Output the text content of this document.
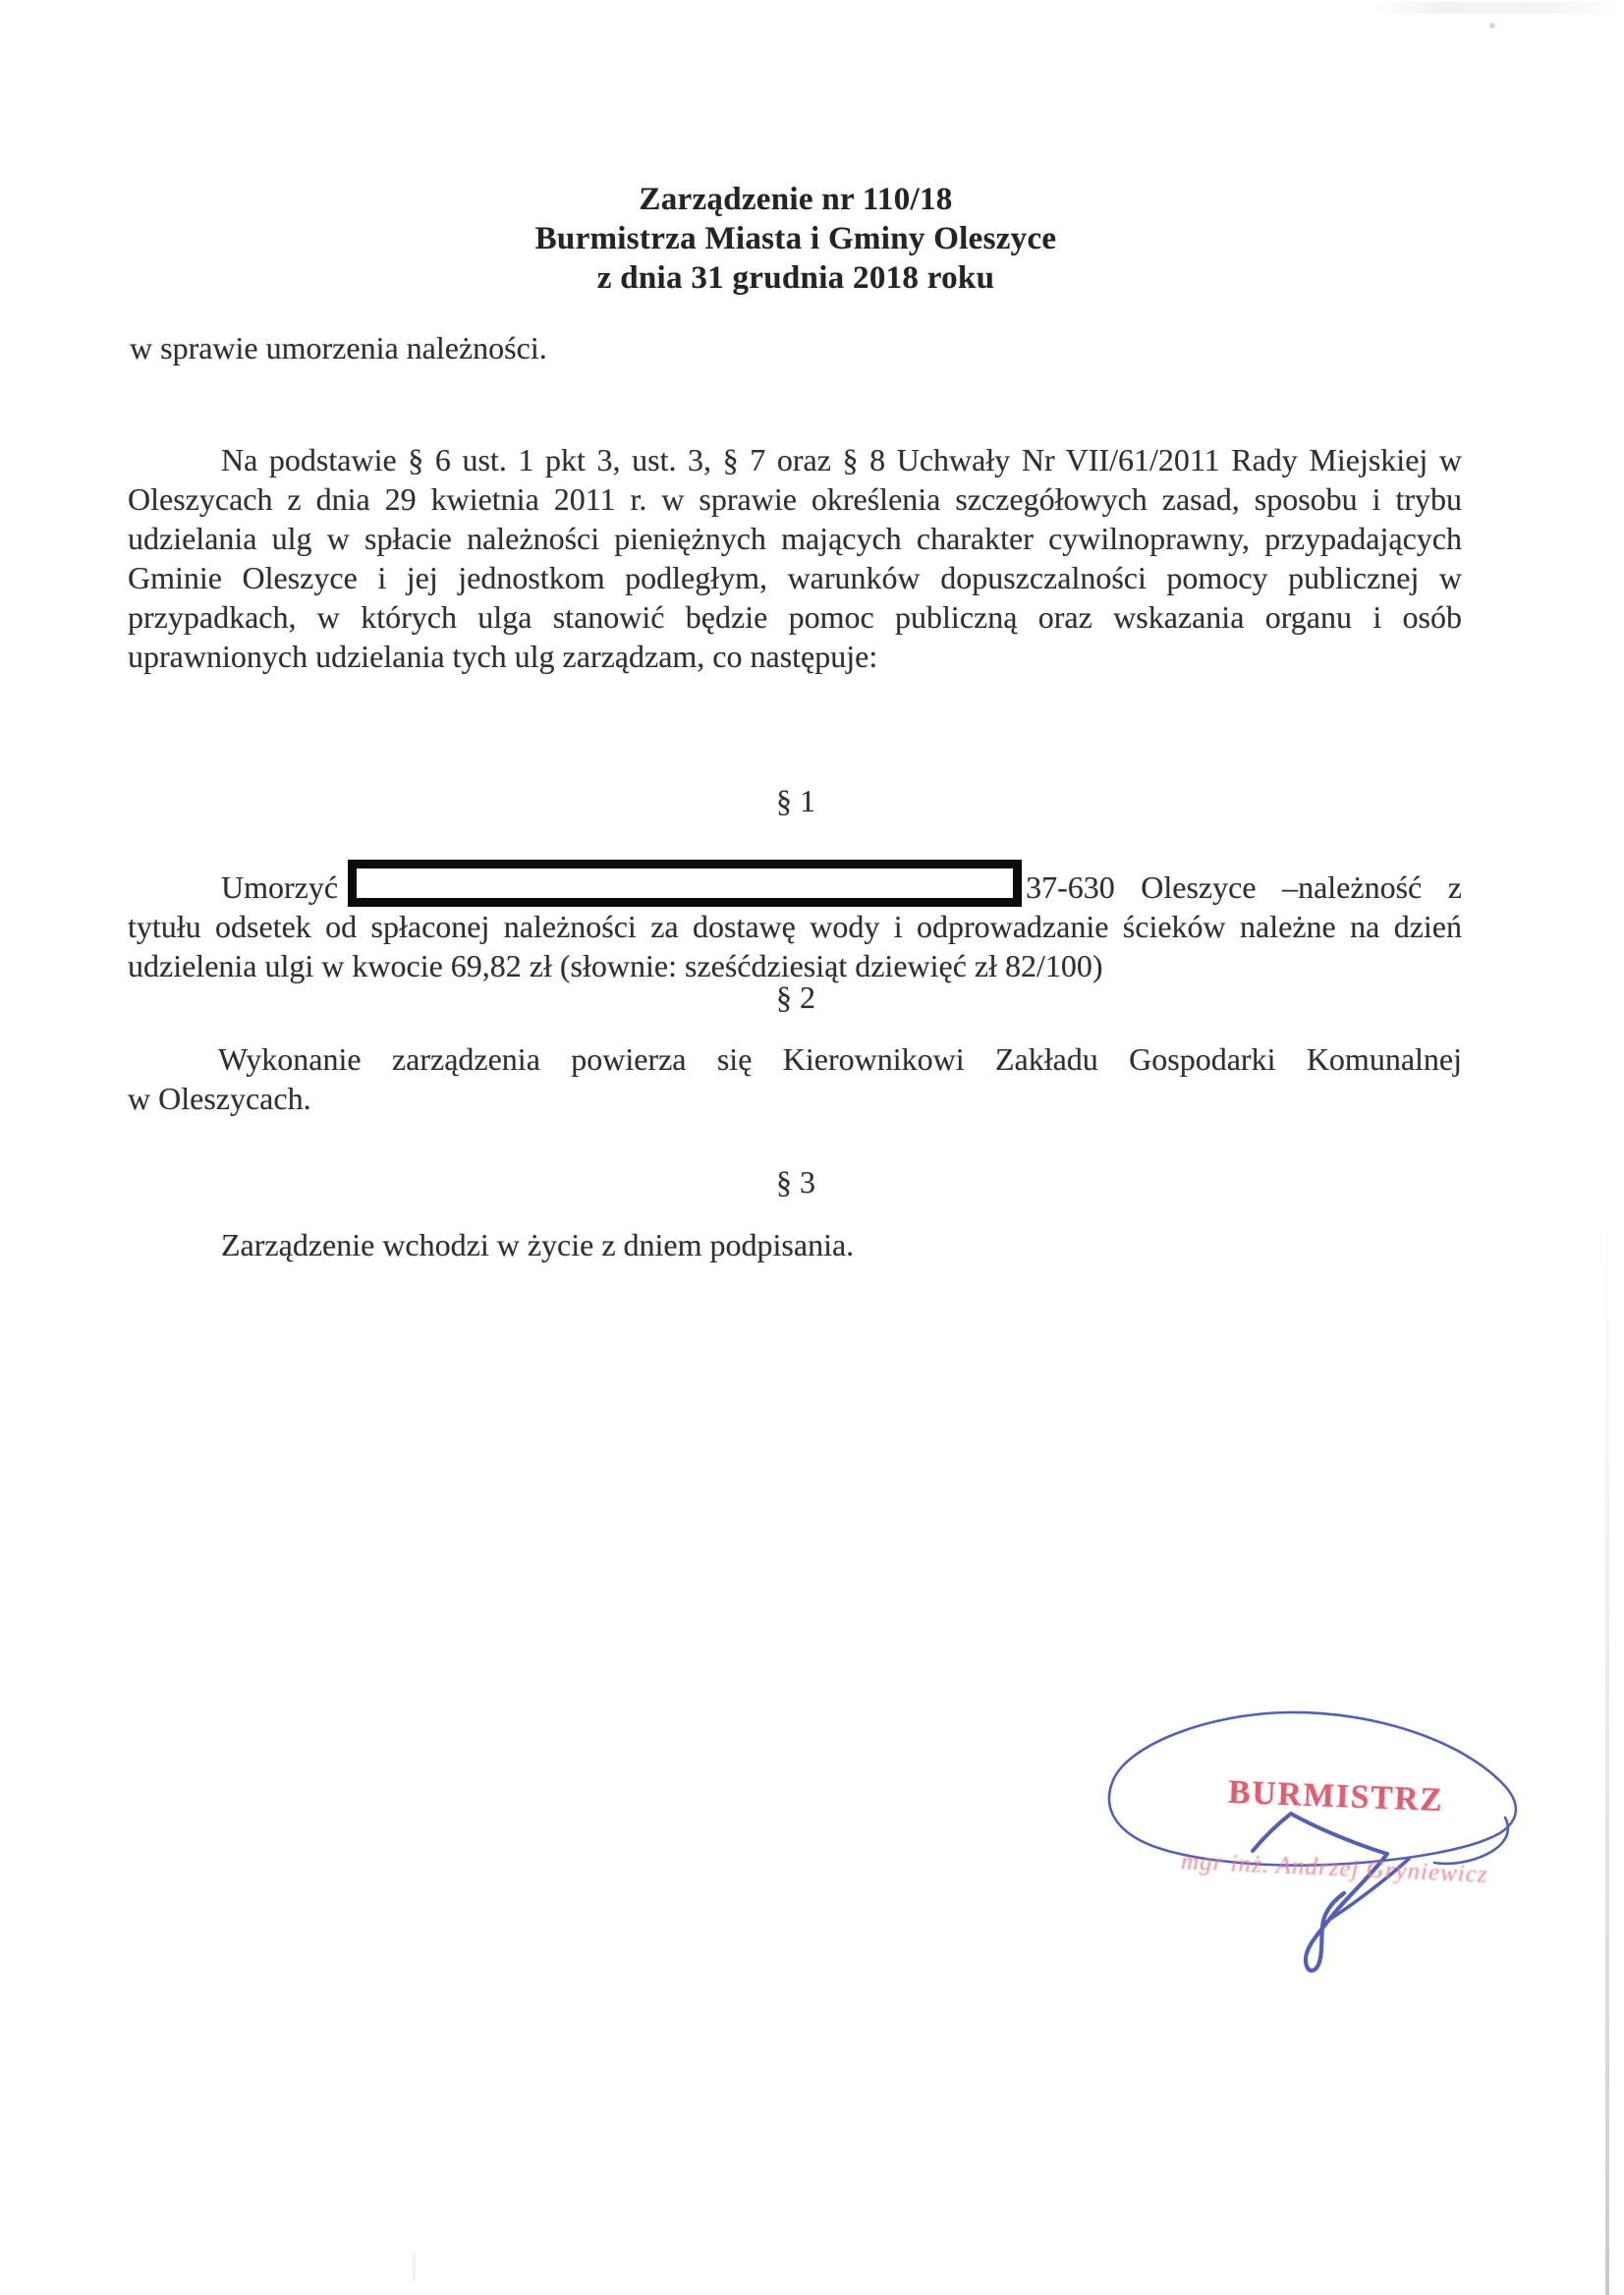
Zarządzenie nr 110/18
Burmistrza Miasta i Gminy Oleszyce
z dnia 31 grudnia 2018 roku
w sprawie umorzenia należności.
Na podstawie § 6 ust. 1 pkt 3, ust. 3, § 7 oraz § 8 Uchwały Nr VII/61/2011 Rady Miejskiej w Oleszycach z dnia 29 kwietnia 2011 r. w sprawie określenia szczegółowych zasad, sposobu i trybu udzielania ulg w spłacie należności pieniężnych mających charakter cywilnoprawny, przypadających Gminie Oleszyce i jej jednostkom podległym, warunków dopuszczalności pomocy publicznej w przypadkach, w których ulga stanowić będzie pomoc publiczną oraz wskazania organu i osób uprawnionych udzielania tych ulg zarządzam, co następuje:
§ 1
Umorzyć	37-630 Oleszyce –należność z tytułu odsetek od spłaconej należności za dostawę wody i odprowadzanie ścieków należne na dzień udzielenia ulgi w kwocie 69,82 zł (słownie: sześćdziesiąt dziewięć zł 82/100)
§ 2
Wykonanie zarządzenia powierza się Kierownikowi Zakładu Gospodarki Komunalnej
w Oleszycach.
§ 3
Zarządzenie wchodzi w życie z dniem podpisania.
BURMISTRZ
mgr inż. Andrzej Gryniewicz
